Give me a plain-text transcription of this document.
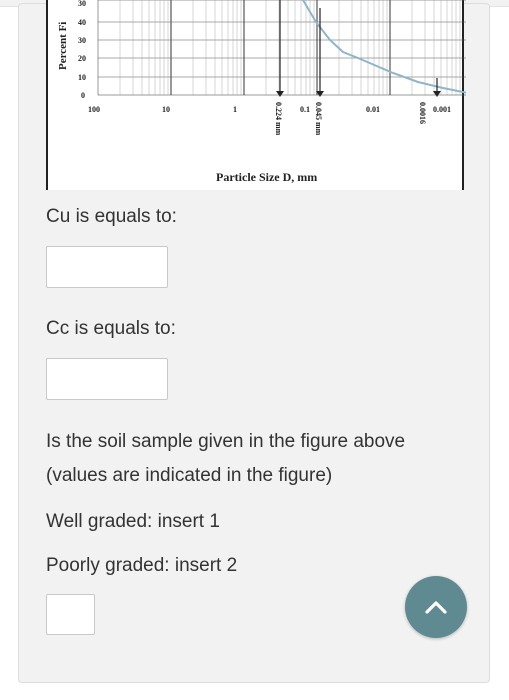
Percent Fi
30
40
30
20
10
0
100	10	1	0.1	0.01	0.001
0.224 mm	0.045 mm	0.0016
Particle Size D, mm

Cu is equals to:

Cc is equals to:

Is the soil sample given in the figure above

(values are indicated in the figure)

Well graded: insert 1

Poorly graded: insert 2
